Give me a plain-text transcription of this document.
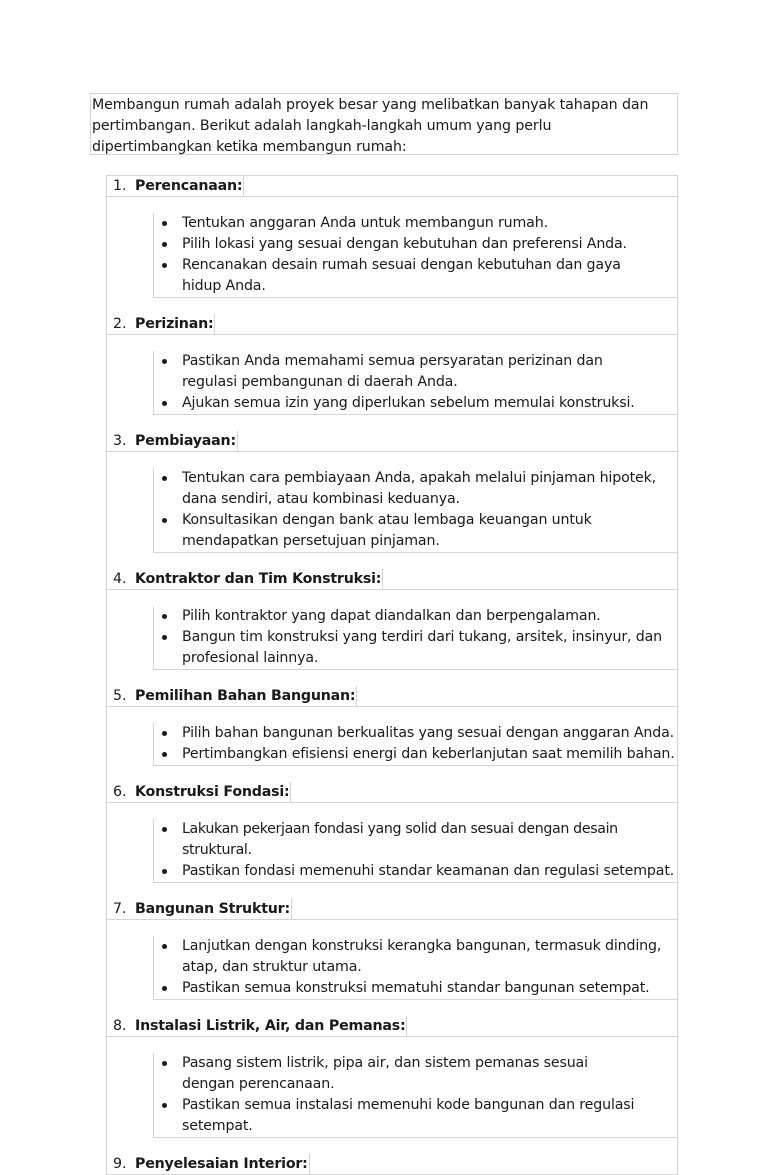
Membangun rumah adalah proyek besar yang melibatkan banyak tahapan dan pertimbangan. Berikut adalah langkah-langkah umum yang perlu dipertimbangkan ketika membangun rumah:
1. Perencanaan:
Tentukan anggaran Anda untuk membangun rumah.
Pilih lokasi yang sesuai dengan kebutuhan dan preferensi Anda.
Rencanakan desain rumah sesuai dengan kebutuhan dan gaya hidup Anda.
2. Perizinan:
Pastikan Anda memahami semua persyaratan perizinan dan regulasi pembangunan di daerah Anda.
Ajukan semua izin yang diperlukan sebelum memulai konstruksi.
3. Pembiayaan:
Tentukan cara pembiayaan Anda, apakah melalui pinjaman hipotek, dana sendiri, atau kombinasi keduanya.
Konsultasikan dengan bank atau lembaga keuangan untuk mendapatkan persetujuan pinjaman.
4. Kontraktor dan Tim Konstruksi:
Pilih kontraktor yang dapat diandalkan dan berpengalaman.
Bangun tim konstruksi yang terdiri dari tukang, arsitek, insinyur, dan profesional lainnya.
5. Pemilihan Bahan Bangunan:
Pilih bahan bangunan berkualitas yang sesuai dengan anggaran Anda.
Pertimbangkan efisiensi energi dan keberlanjutan saat memilih bahan.
6. Konstruksi Fondasi:
Lakukan pekerjaan fondasi yang solid dan sesuai dengan desain struktural.
Pastikan fondasi memenuhi standar keamanan dan regulasi setempat.
7. Bangunan Struktur:
Lanjutkan dengan konstruksi kerangka bangunan, termasuk dinding, atap, dan struktur utama.
Pastikan semua konstruksi mematuhi standar bangunan setempat.
8. Instalasi Listrik, Air, dan Pemanas:
Pasang sistem listrik, pipa air, dan sistem pemanas sesuai dengan perencanaan.
Pastikan semua instalasi memenuhi kode bangunan dan regulasi setempat.
9. Penyelesaian Interior:
